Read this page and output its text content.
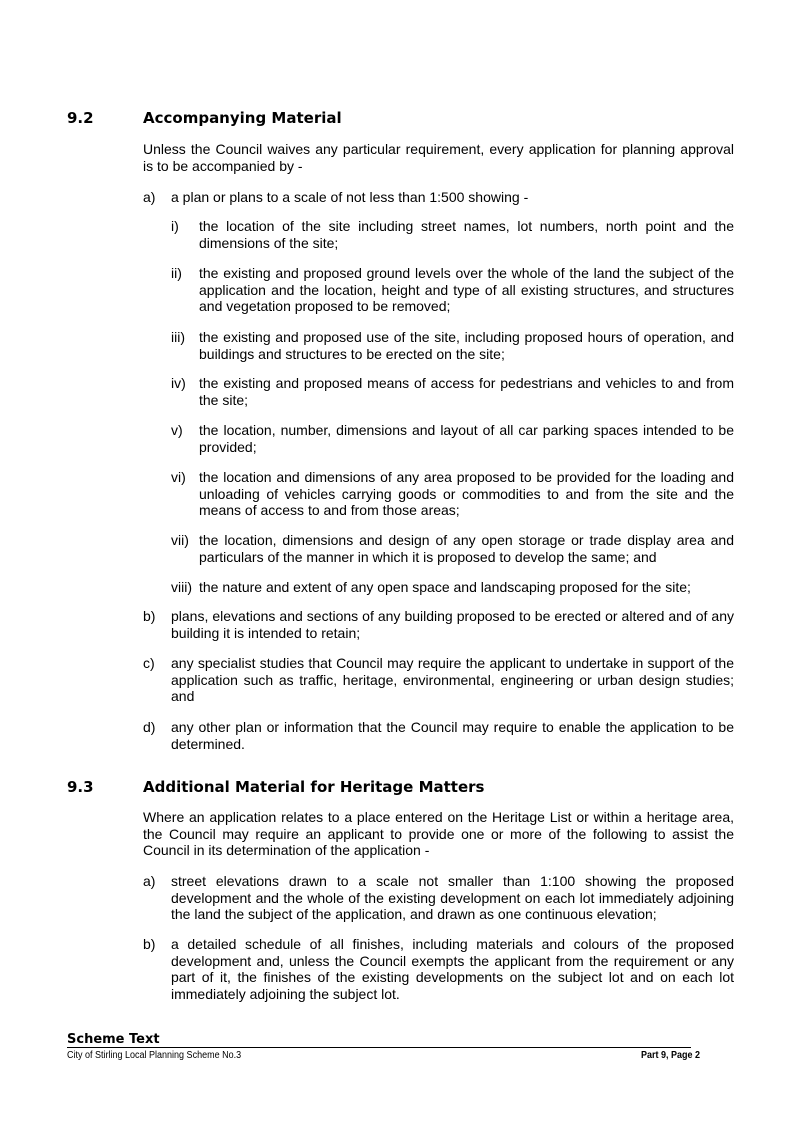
9.2	Accompanying Material

Unless the Council waives any particular requirement, every application for planning approval is to be accompanied by -

a) a plan or plans to a scale of not less than 1:500 showing -
i) the location of the site including street names, lot numbers, north point and the dimensions of the site;
ii) the existing and proposed ground levels over the whole of the land the subject of the application and the location, height and type of all existing structures, and structures and vegetation proposed to be removed;
iii) the existing and proposed use of the site, including proposed hours of operation, and buildings and structures to be erected on the site;
iv) the existing and proposed means of access for pedestrians and vehicles to and from the site;
v) the location, number, dimensions and layout of all car parking spaces intended to be provided;
vi) the location and dimensions of any area proposed to be provided for the loading and unloading of vehicles carrying goods or commodities to and from the site and the means of access to and from those areas;
vii) the location, dimensions and design of any open storage or trade display area and particulars of the manner in which it is proposed to develop the same; and
viii) the nature and extent of any open space and landscaping proposed for the site;
b) plans, elevations and sections of any building proposed to be erected or altered and of any building it is intended to retain;
c) any specialist studies that Council may require the applicant to undertake in support of the application such as traffic, heritage, environmental, engineering or urban design studies; and
d) any other plan or information that the Council may require to enable the application to be determined.
9.3	Additional Material for Heritage Matters

Where an application relates to a place entered on the Heritage List or within a heritage area, the Council may require an applicant to provide one or more of the following to assist the Council in its determination of the application -

a) street elevations drawn to a scale not smaller than 1:100 showing the proposed development and the whole of the existing development on each lot immediately adjoining the land the subject of the application, and drawn as one continuous elevation;
b) a detailed schedule of all finishes, including materials and colours of the proposed development and, unless the Council exempts the applicant from the requirement or any part of it, the finishes of the existing developments on the subject lot and on each lot immediately adjoining the subject lot.
Scheme Text
City of Stirling Local Planning Scheme No.3	Part 9, Page 2
